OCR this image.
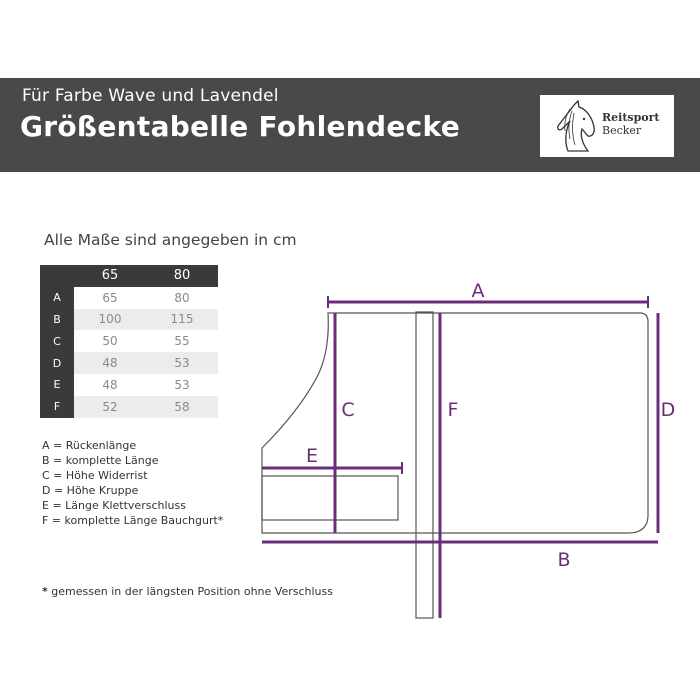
Für Farbe Wave und Lavendel
Größentabelle Fohlendecke	Reitsport
Becker
Alle Maße sind angegeben in cm
	65	80
A	65	80
B	100	115
C	50	55
D	48	53
E	48	53
F	52	58
A = Rückenlänge
B = komplette Länge
C = Höhe Widerrist
D = Höhe Kruppe
E = Länge Klettverschluss
F = komplette Länge Bauchgurt*
* gemessen in der längsten Position ohne Verschluss
A
B
C	D
E
F
